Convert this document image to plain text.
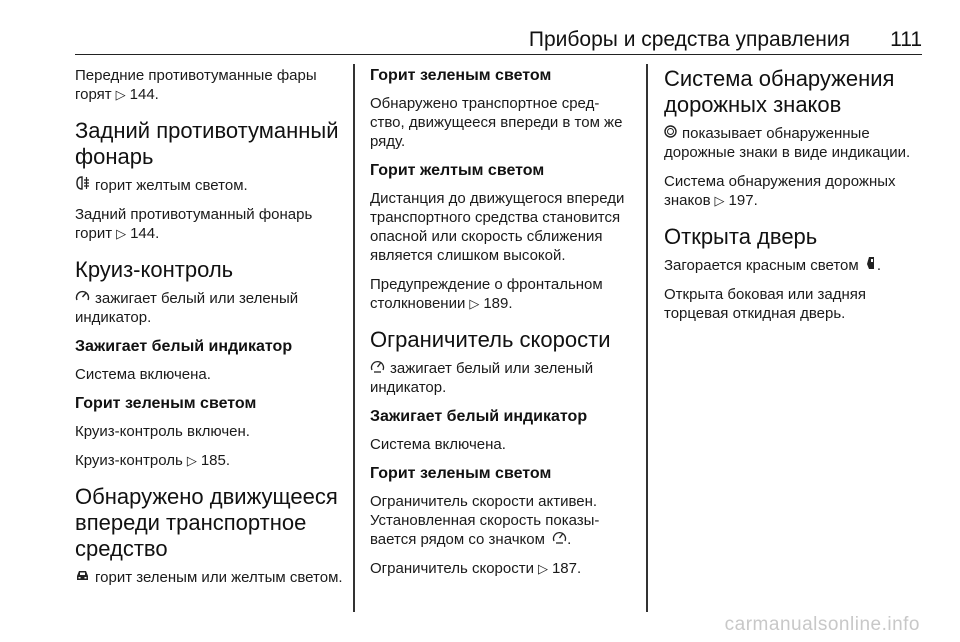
Приборы и средства управления 111

Передние противотуманные фары горят ▷ 144.

Задний противотуманный фонарь

горит желтым светом.

Задний противотуманный фонарь горит ▷ 144.

Круиз-контроль

зажигает белый или зеленый индикатор.

Зажигает белый индикатор

Система включена.

Горит зеленым светом

Круиз-контроль включен.

Круиз-контроль ▷ 185.

Обнаружено движущееся впереди транспортное средство

горит зеленым или желтым светом.

Горит зеленым светом

Обнаружено транспортное сред-ство, движущееся впереди в том же ряду.

Горит желтым светом

Дистанция до движущегося впереди транспортного средства становится опасной или скорость сближения является слишком высокой.

Предупреждение о фронтальном столкновении ▷ 189.

Ограничитель скорости

зажигает белый или зеленый индикатор.

Зажигает белый индикатор

Система включена.

Горит зеленым светом

Ограничитель скорости активен. Установленная скорость показы-вается рядом со значком .

Ограничитель скорости ▷ 187.

Система обнаружения дорожных знаков

показывает обнаруженные дорожные знаки в виде индикации.

Система обнаружения дорожных знаков ▷ 197.

Открыта дверь

Загорается красным светом .

Открыта боковая или задняя торцевая откидная дверь.

carmanualsonline.info
